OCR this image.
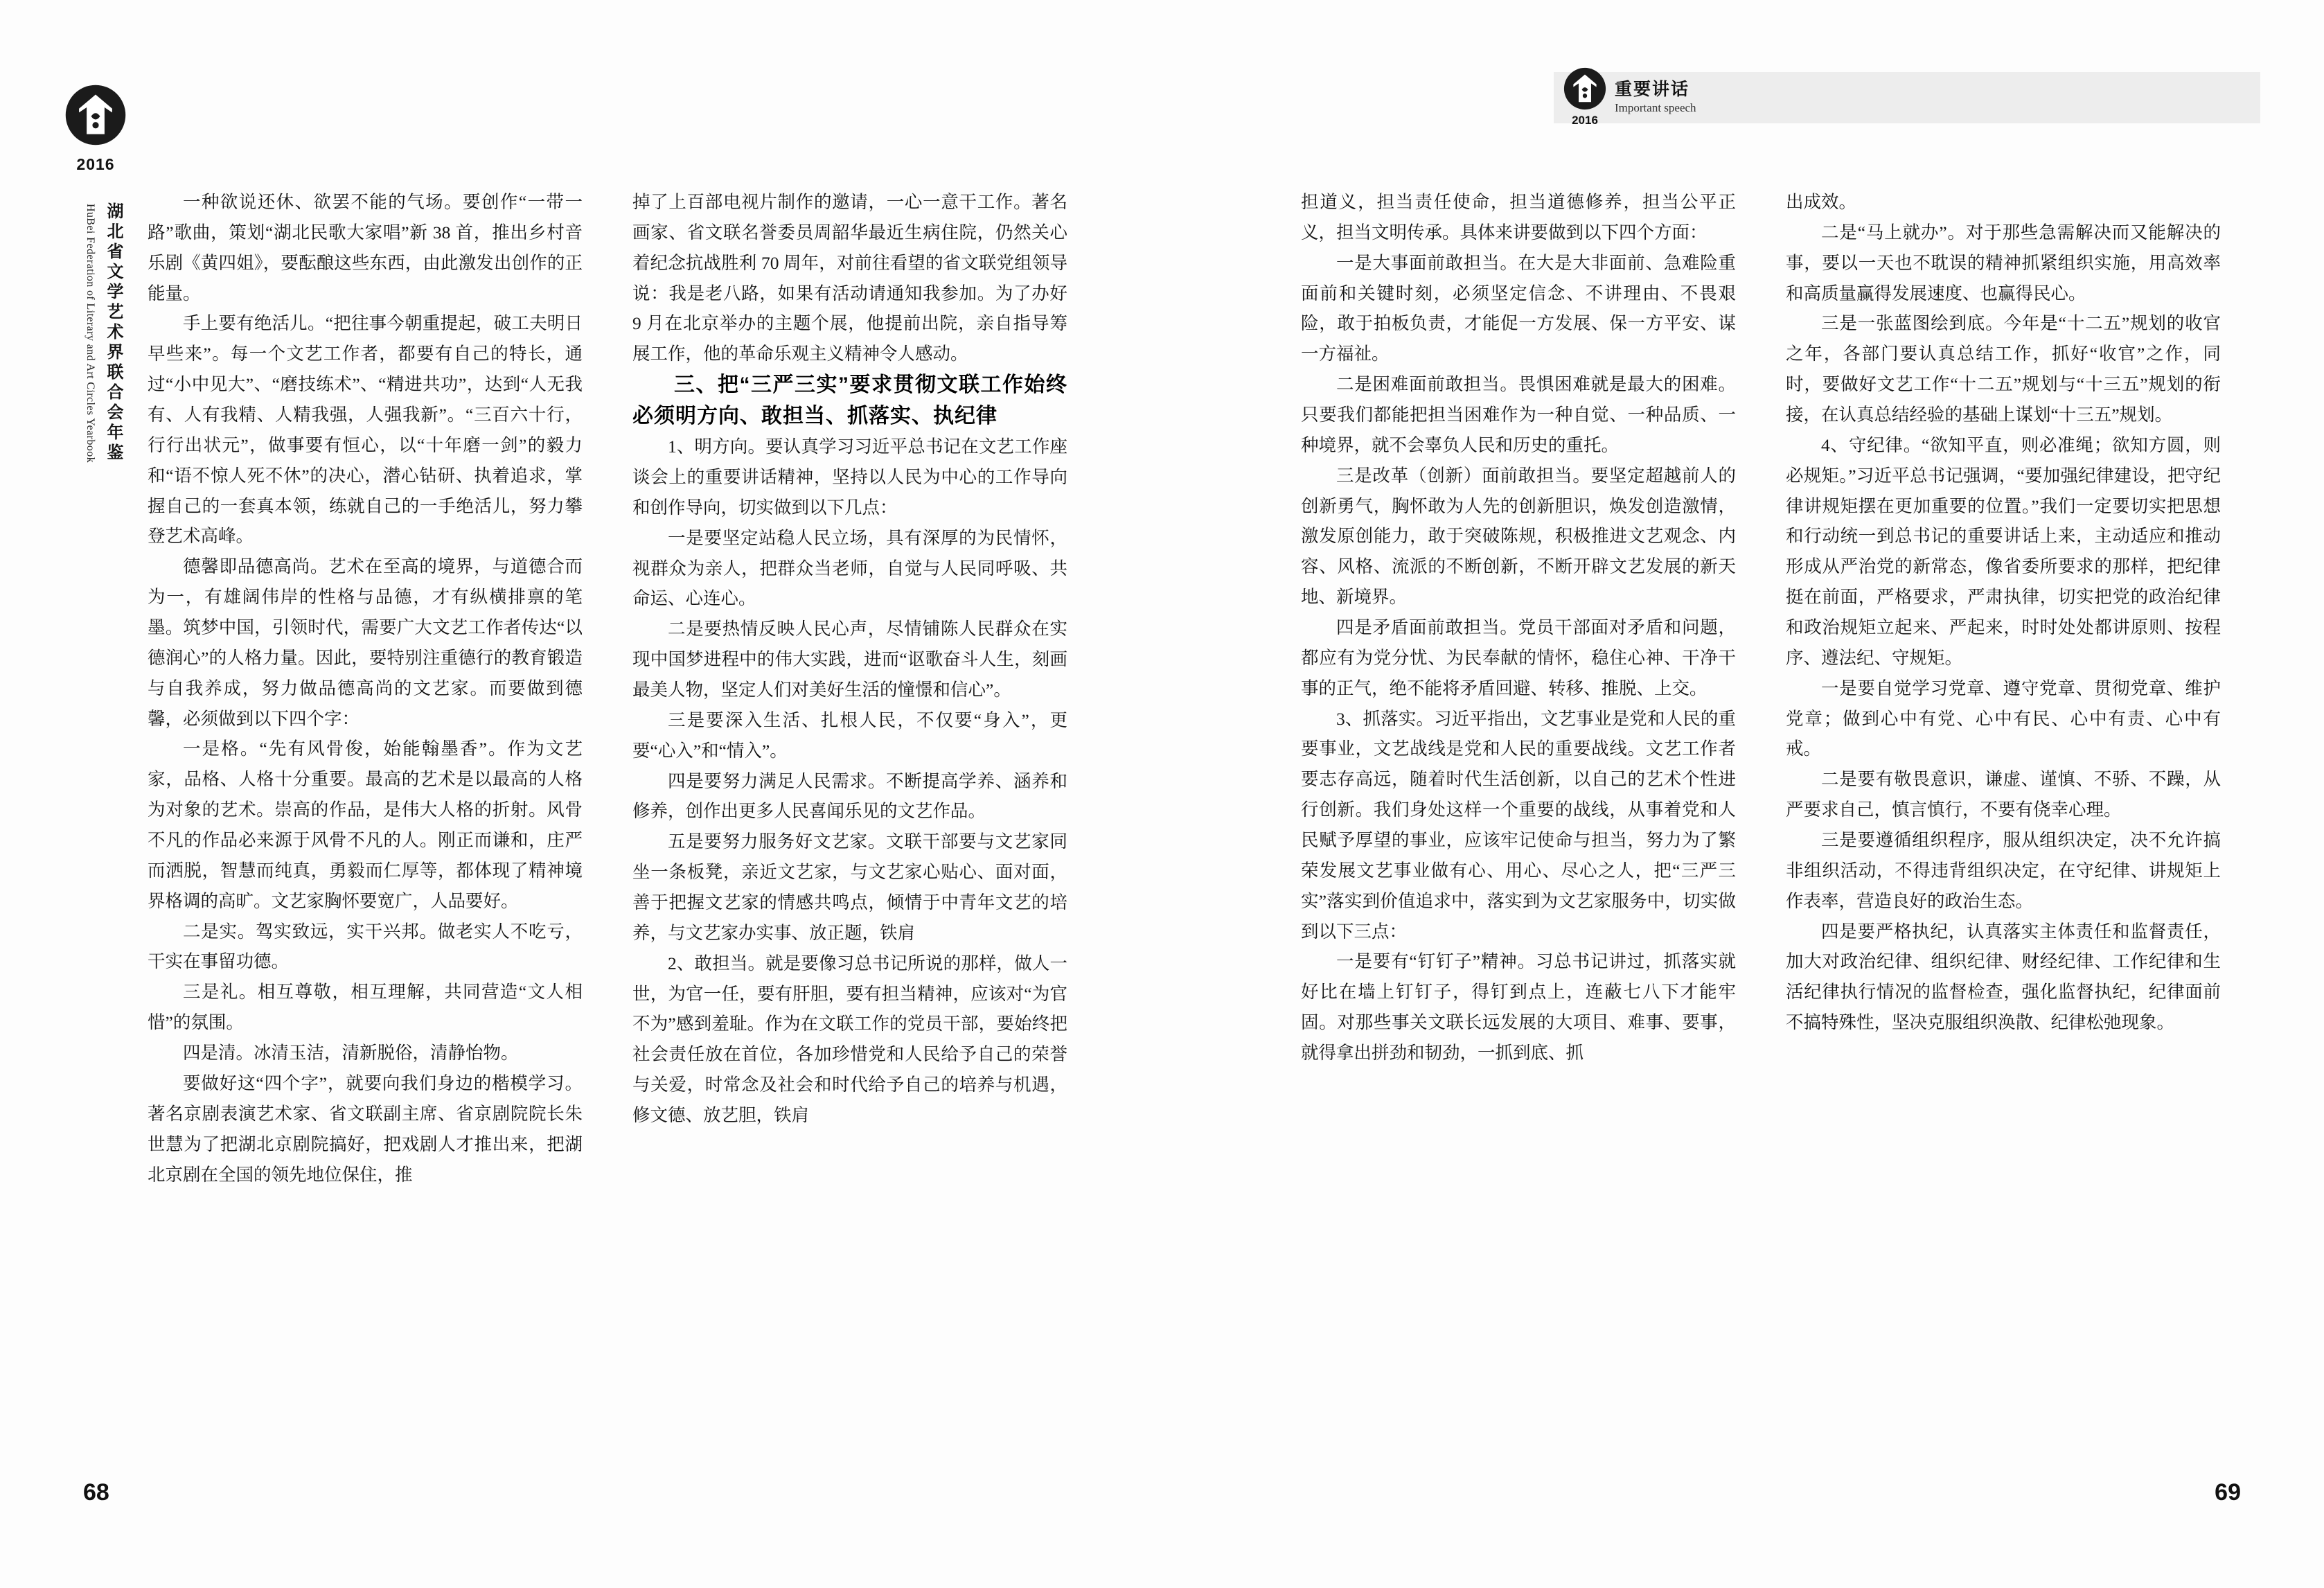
2016
湖北省文学艺术界联合会年鉴
HuBei Federation of Literary and Art Circles Yearbook
2016
重要讲话
Important speech

一种欲说还休、欲罢不能的气场。要创作“一带一路”歌曲，策划“湖北民歌大家唱”新 38 首，推出乡村音乐剧《黄四姐》，要酝酿这些东西，由此激发出创作的正能量。

手上要有绝活儿。“把往事今朝重提起，破工夫明日早些来”。每一个文艺工作者，都要有自己的特长，通过“小中见大”、“磨技练术”、“精进共功”，达到“人无我有、人有我精、人精我强，人强我新”。“三百六十行，行行出状元”，做事要有恒心，以“十年磨一剑”的毅力和“语不惊人死不休”的决心，潜心钻研、执着追求，掌握自己的一套真本领，练就自己的一手绝活儿，努力攀登艺术高峰。

德馨即品德高尚。艺术在至高的境界，与道德合而为一，有雄阔伟岸的性格与品德，才有纵横排禀的笔墨。筑梦中国，引领时代，需要广大文艺工作者传达“以德润心”的人格力量。因此，要特别注重德行的教育锻造与自我养成，努力做品德高尚的文艺家。而要做到德馨，必须做到以下四个字：

一是格。“先有风骨俊，始能翰墨香”。作为文艺家，品格、人格十分重要。最高的艺术是以最高的人格为对象的艺术。崇高的作品，是伟大人格的折射。风骨不凡的作品必来源于风骨不凡的人。刚正而谦和，庄严而洒脱，智慧而纯真，勇毅而仁厚等，都体现了精神境界格调的高旷。文艺家胸怀要宽广，人品要好。

二是实。驾实致远，实干兴邦。做老实人不吃亏，干实在事留功德。

三是礼。相互尊敬，相互理解，共同营造“文人相惜”的氛围。

四是清。冰清玉洁，清新脱俗，清静怡物。

要做好这“四个字”，就要向我们身边的楷模学习。著名京剧表演艺术家、省文联副主席、省京剧院院长朱世慧为了把湖北京剧院搞好，把戏剧人才推出来，把湖北京剧在全国的领先地位保住，推

掉了上百部电视片制作的邀请，一心一意干工作。著名画家、省文联名誉委员周韶华最近生病住院，仍然关心着纪念抗战胜利 70 周年，对前往看望的省文联党组领导说：我是老八路，如果有活动请通知我参加。为了办好 9 月在北京举办的主题个展，他提前出院，亲自指导筹展工作，他的革命乐观主义精神令人感动。

三、把“三严三实”要求贯彻文联工作始终必须明方向、敢担当、抓落实、执纪律

1、明方向。要认真学习习近平总书记在文艺工作座谈会上的重要讲话精神，坚持以人民为中心的工作导向和创作导向，切实做到以下几点：

一是要坚定站稳人民立场，具有深厚的为民情怀，视群众为亲人，把群众当老师，自觉与人民同呼吸、共命运、心连心。

二是要热情反映人民心声，尽情铺陈人民群众在实现中国梦进程中的伟大实践，进而“讴歌奋斗人生，刻画最美人物，坚定人们对美好生活的憧憬和信心”。

三是要深入生活、扎根人民，不仅要“身入”，更要“心入”和“情入”。

四是要努力满足人民需求。不断提高学养、涵养和修养，创作出更多人民喜闻乐见的文艺作品。

五是要努力服务好文艺家。文联干部要与文艺家同坐一条板凳，亲近文艺家，与文艺家心贴心、面对面，善于把握文艺家的情感共鸣点，倾情于中青年文艺的培养，与文艺家办实事、放正题，铁肩

2、敢担当。就是要像习总书记所说的那样，做人一世，为官一任，要有肝胆，要有担当精神，应该对“为官不为”感到羞耻。作为在文联工作的党员干部，要始终把社会责任放在首位，各加珍惜党和人民给予自己的荣誉与关爱，时常念及社会和时代给予自己的培养与机遇，修文德、放艺胆，铁肩

担道义，担当责任使命，担当道德修养，担当公平正义，担当文明传承。具体来讲要做到以下四个方面：

一是大事面前敢担当。在大是大非面前、急难险重面前和关键时刻，必须坚定信念、不讲理由、不畏艰险，敢于拍板负责，才能促一方发展、保一方平安、谋一方福祉。

二是困难面前敢担当。畏惧困难就是最大的困难。只要我们都能把担当困难作为一种自觉、一种品质、一种境界，就不会辜负人民和历史的重托。

三是改革（创新）面前敢担当。要坚定超越前人的创新勇气，胸怀敢为人先的创新胆识，焕发创造激情，激发原创能力，敢于突破陈规，积极推进文艺观念、内容、风格、流派的不断创新，不断开辟文艺发展的新天地、新境界。

四是矛盾面前敢担当。党员干部面对矛盾和问题，都应有为党分忧、为民奉献的情怀，稳住心神、干净干事的正气，绝不能将矛盾回避、转移、推脱、上交。

3、抓落实。习近平指出，文艺事业是党和人民的重要事业，文艺战线是党和人民的重要战线。文艺工作者要志存高远，随着时代生活创新，以自己的艺术个性进行创新。我们身处这样一个重要的战线，从事着党和人民赋予厚望的事业，应该牢记使命与担当，努力为了繁荣发展文艺事业做有心、用心、尽心之人，把“三严三实”落实到价值追求中，落实到为文艺家服务中，切实做到以下三点：

一是要有“钉钉子”精神。习总书记讲过，抓落实就好比在墙上钉钉子，得钉到点上，连蔽七八下才能牢固。对那些事关文联长远发展的大项目、难事、要事，就得拿出拼劲和韧劲，一抓到底、抓

出成效。

二是“马上就办”。对于那些急需解决而又能解决的事，要以一天也不耽误的精神抓紧组织实施，用高效率和高质量赢得发展速度、也赢得民心。

三是一张蓝图绘到底。今年是“十二五”规划的收官之年，各部门要认真总结工作，抓好“收官”之作，同时，要做好文艺工作“十二五”规划与“十三五”规划的衔接，在认真总结经验的基础上谋划“十三五”规划。

4、守纪律。“欲知平直，则必准绳；欲知方圆，则必规矩。”习近平总书记强调，“要加强纪律建设，把守纪律讲规矩摆在更加重要的位置。”我们一定要切实把思想和行动统一到总书记的重要讲话上来，主动适应和推动形成从严治党的新常态，像省委所要求的那样，把纪律挺在前面，严格要求，严肃执律，切实把党的政治纪律和政治规矩立起来、严起来，时时处处都讲原则、按程序、遵法纪、守规矩。

一是要自觉学习党章、遵守党章、贯彻党章、维护党章；做到心中有党、心中有民、心中有责、心中有戒。

二是要有敬畏意识，谦虚、谨慎、不骄、不躁，从严要求自己，慎言慎行，不要有侥幸心理。

三是要遵循组织程序，服从组织决定，决不允许搞非组织活动，不得违背组织决定，在守纪律、讲规矩上作表率，营造良好的政治生态。

四是要严格执纪，认真落实主体责任和监督责任，加大对政治纪律、组织纪律、财经纪律、工作纪律和生活纪律执行情况的监督检查，强化监督执纪，纪律面前不搞特殊性，坚决克服组织涣散、纪律松弛现象。

68	69
